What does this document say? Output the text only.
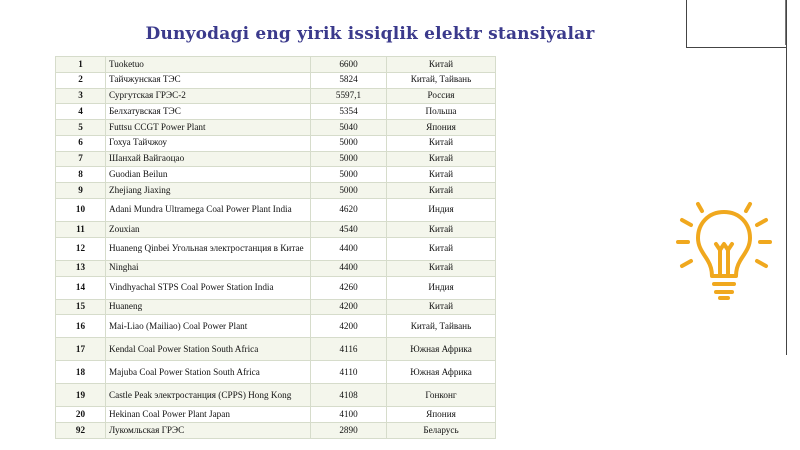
Dunyodagi eng yirik issiqlik elektr stansiyalar
1	Tuoketuo	6600	Китай
2	Тайчжунская ТЭС	5824	Китай, Тайвань
3	Сургутская ГРЭС-2	5597,1	Россия
4	Белхатувская ТЭС	5354	Польша
5	Futtsu CCGT Power Plant	5040	Япония
6	Гохуа Тайчжоу	5000	Китай
7	Шанхай Вайгаоцао	5000	Китай
8	Guodian Beilun	5000	Китай
9	Zhejiang Jiaxing	5000	Китай
10	Adani Mundra Ultramega Coal Power Plant India	4620	Индия
11	Zouxian	4540	Китай
12	Huaneng Qinbei Угольная электростанция в Китае	4400	Китай
13	Ninghai	4400	Китай
14	Vindhyachal STPS Coal Power Station India	4260	Индия
15	Huaneng	4200	Китай
16	Mai-Liao (Mailiao) Coal Power Plant	4200	Китай, Тайвань
17	Kendal Coal Power Station South Africa	4116	Южная Африка
18	Majuba Coal Power Station South Africa	4110	Южная Африка
19	Castle Peak электростанция (CPPS) Hong Kong	4108	Гонконг
20	Hekinan Coal Power Plant Japan	4100	Япония
92	Лукомльская ГРЭС	2890	Беларусь
